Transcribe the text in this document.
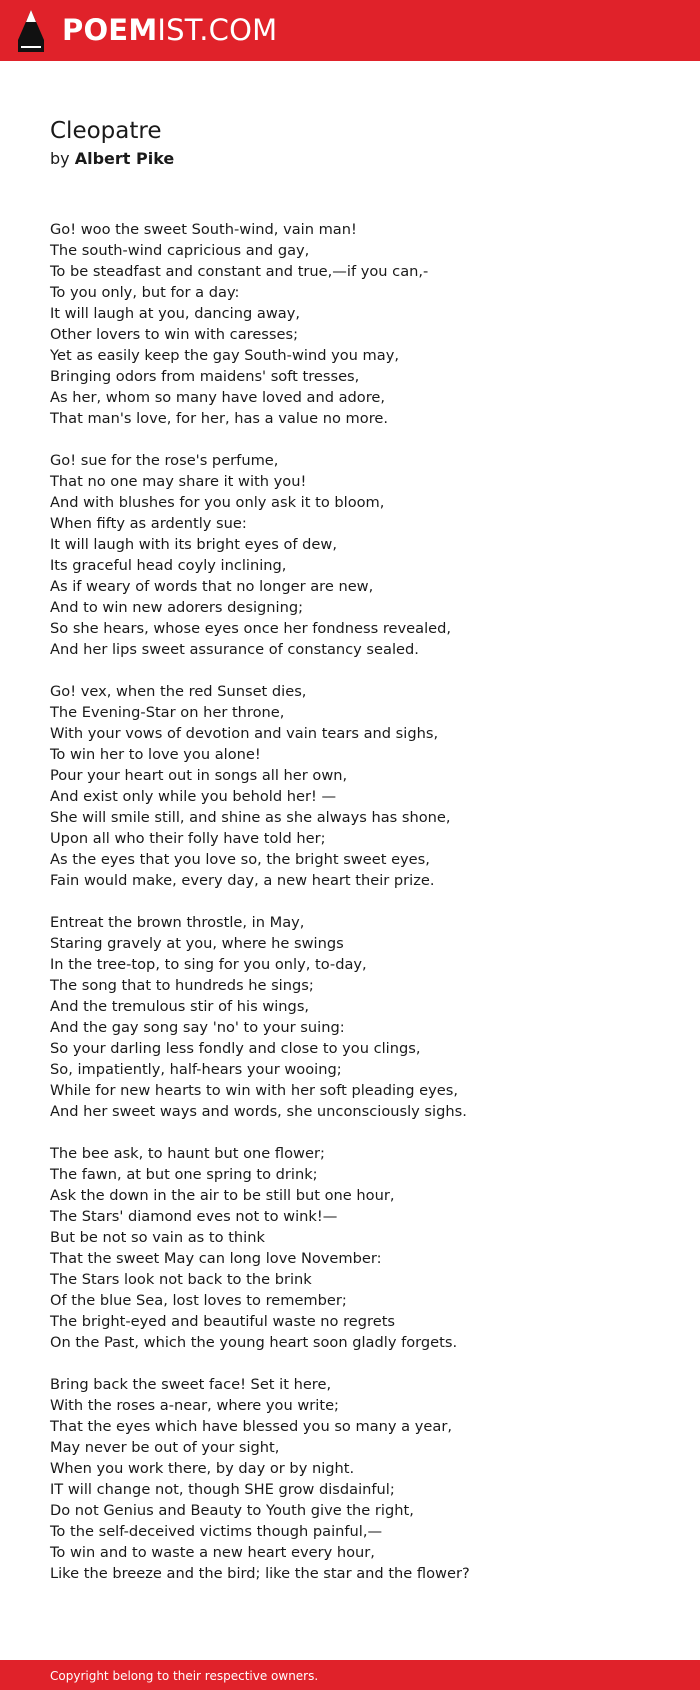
POEMIST.COM
Cleopatre
by Albert Pike
Go! woo the sweet South-wind, vain man!
The south-wind capricious and gay,
To be steadfast and constant and true,—if you can,-
To you only, but for a day:
It will laugh at you, dancing away,
Other lovers to win with caresses;
Yet as easily keep the gay South-wind you may,
Bringing odors from maidens' soft tresses,
As her, whom so many have loved and adore,
That man's love, for her, has a value no more.
Go! sue for the rose's perfume,
That no one may share it with you!
And with blushes for you only ask it to bloom,
When fifty as ardently sue:
It will laugh with its bright eyes of dew,
Its graceful head coyly inclining,
As if weary of words that no longer are new,
And to win new adorers designing;
So she hears, whose eyes once her fondness revealed,
And her lips sweet assurance of constancy sealed.
Go! vex, when the red Sunset dies,
The Evening-Star on her throne,
With your vows of devotion and vain tears and sighs,
To win her to love you alone!
Pour your heart out in songs all her own,
And exist only while you behold her! —
She will smile still, and shine as she always has shone,
Upon all who their folly have told her;
As the eyes that you love so, the bright sweet eyes,
Fain would make, every day, a new heart their prize.
Entreat the brown throstle, in May,
Staring gravely at you, where he swings
In the tree-top, to sing for you only, to-day,
The song that to hundreds he sings;
And the tremulous stir of his wings,
And the gay song say 'no' to your suing:
So your darling less fondly and close to you clings,
So, impatiently, half-hears your wooing;
While for new hearts to win with her soft pleading eyes,
And her sweet ways and words, she unconsciously sighs.
The bee ask, to haunt but one flower;
The fawn, at but one spring to drink;
Ask the down in the air to be still but one hour,
The Stars' diamond eves not to wink!—
But be not so vain as to think
That the sweet May can long love November:
The Stars look not back to the brink
Of the blue Sea, lost loves to remember;
The bright-eyed and beautiful waste no regrets
On the Past, which the young heart soon gladly forgets.
Bring back the sweet face! Set it here,
With the roses a-near, where you write;
That the eyes which have blessed you so many a year,
May never be out of your sight,
When you work there, by day or by night.
IT will change not, though SHE grow disdainful;
Do not Genius and Beauty to Youth give the right,
To the self-deceived victims though painful,—
To win and to waste a new heart every hour,
Like the breeze and the bird; like the star and the flower?
Copyright belong to their respective owners.
